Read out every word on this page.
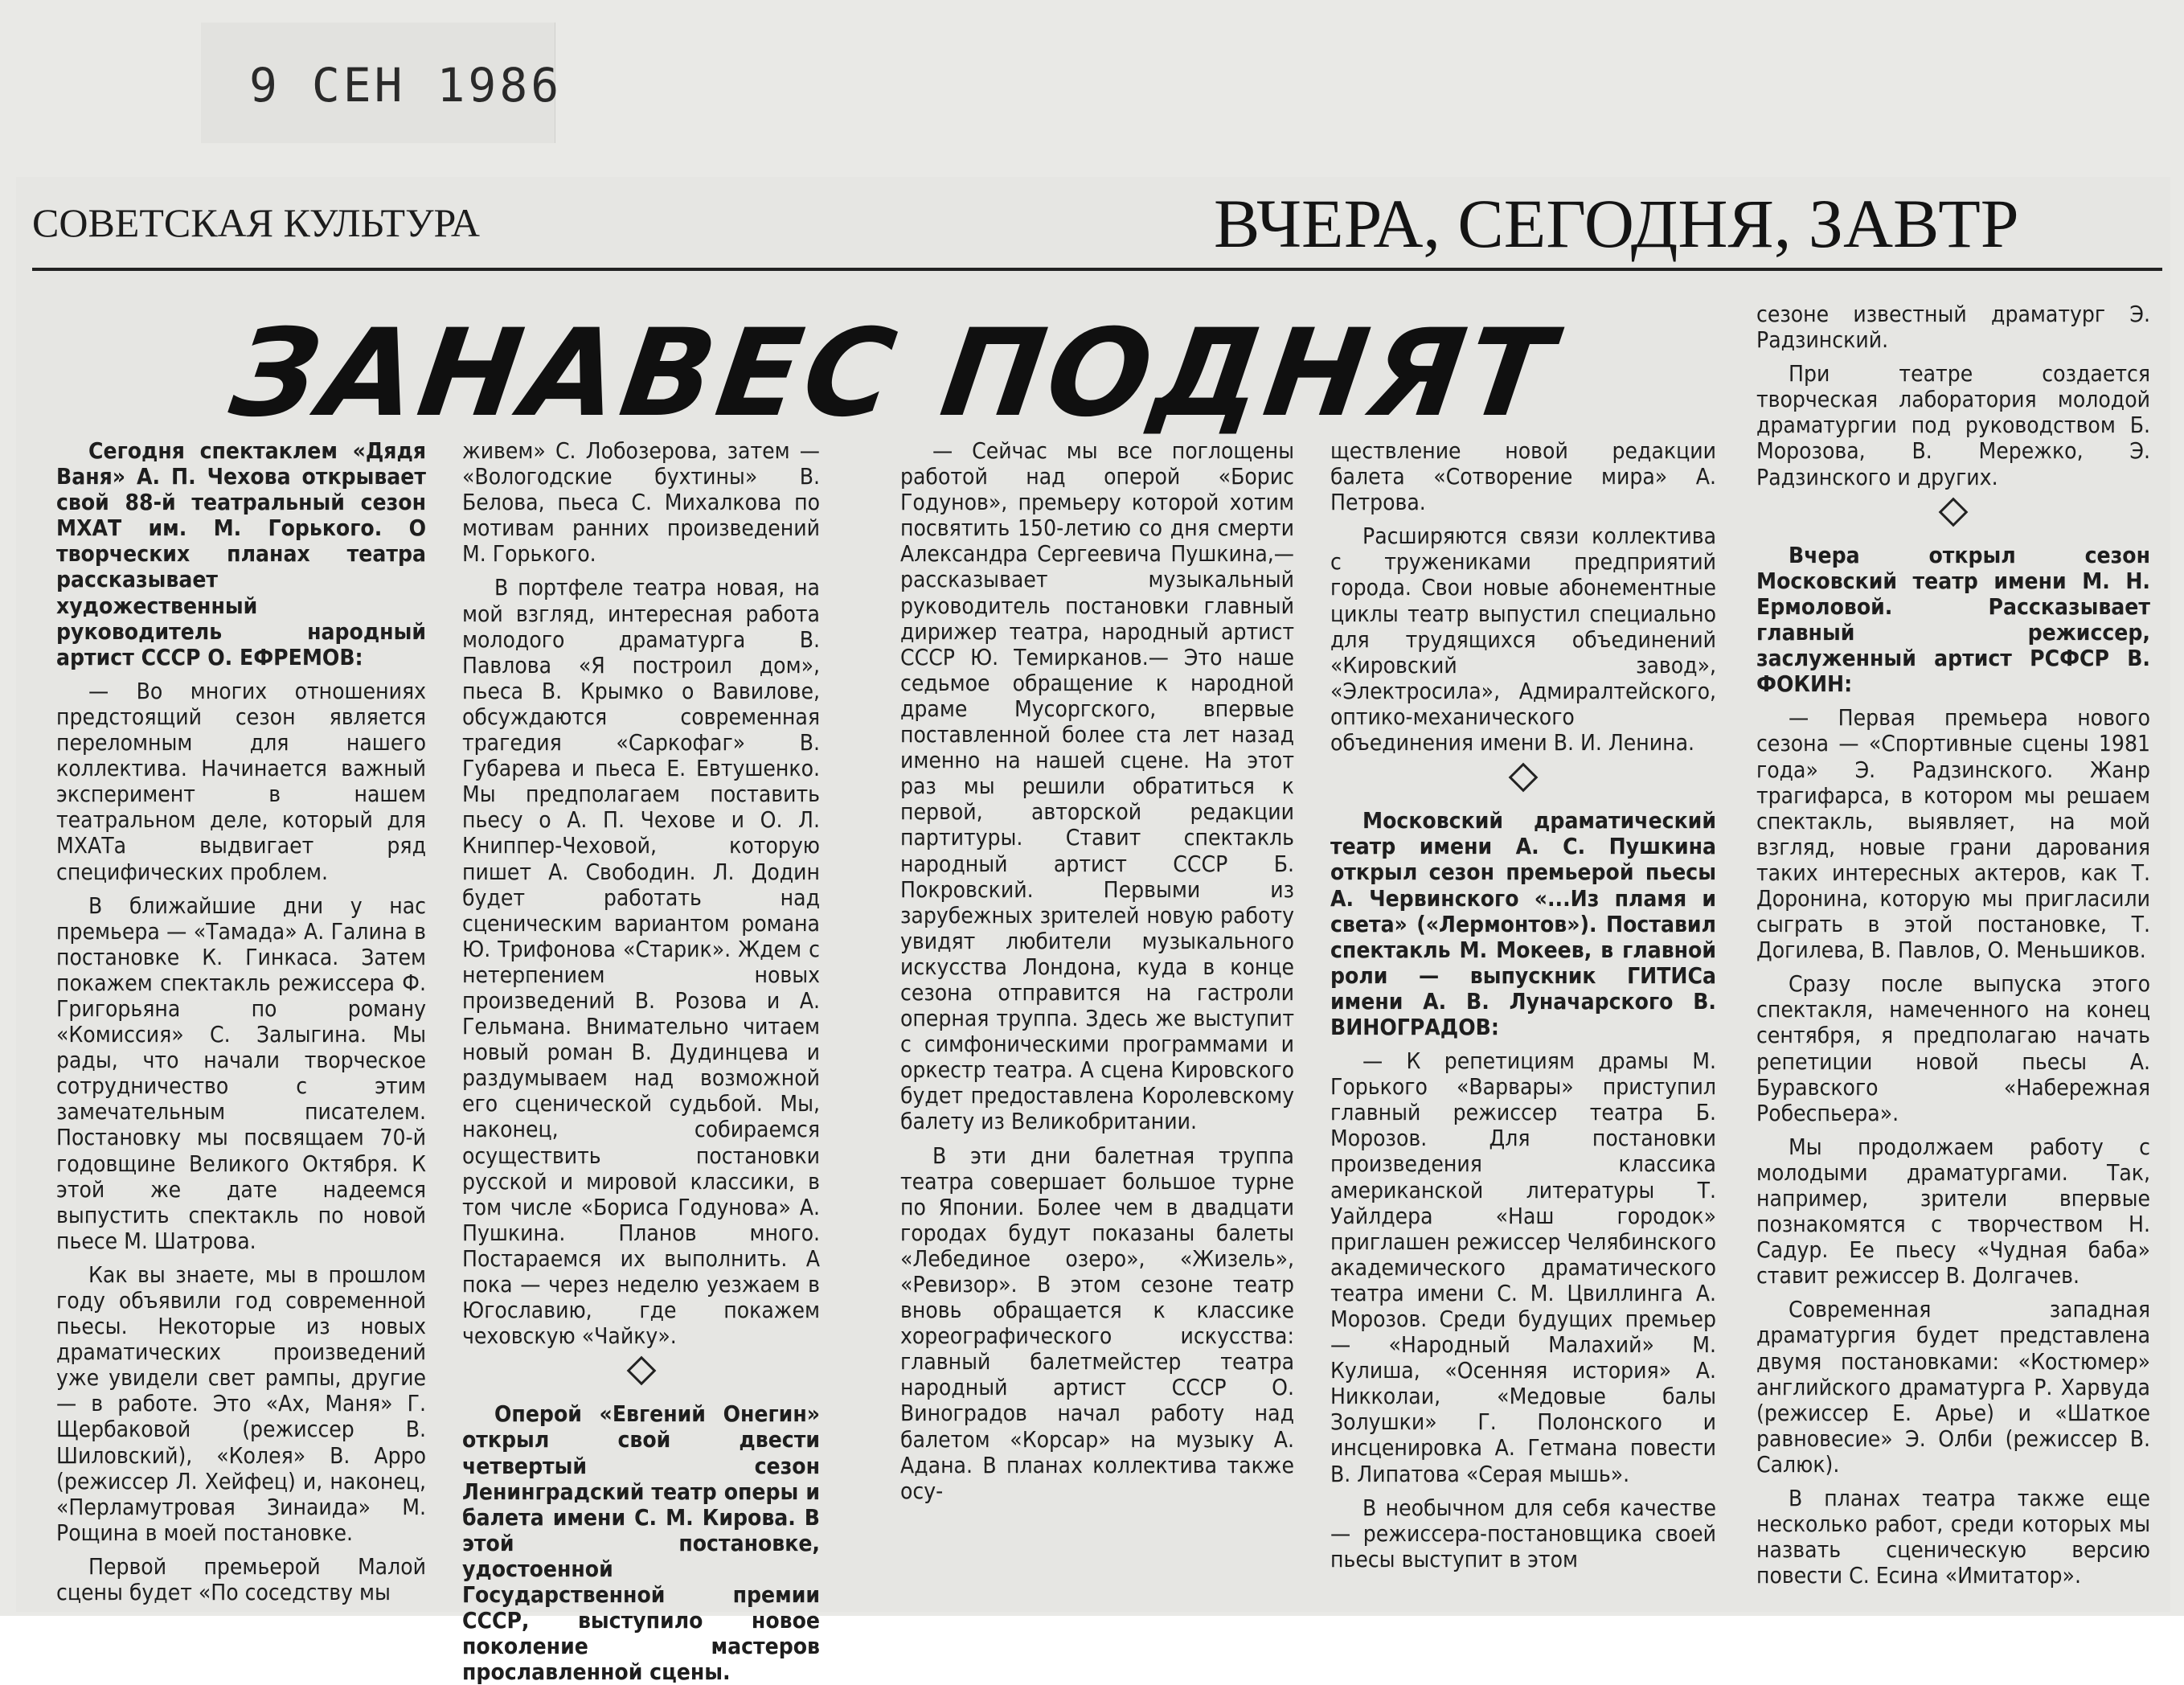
9 СЕН 1986
СОВЕТСКАЯ КУЛЬТУРА	ВЧЕРА, СЕГОДНЯ, ЗАВТР
ЗАНАВЕС ПОДНЯТ

Сегодня спектаклем «Дядя Ваня» А. П. Чехова открывает свой 88-й театральный сезон МХАТ им. М. Горького. О творческих планах театра рассказывает художественный руководитель народный артист СССР О. ЕФРЕМОВ:

— Во многих отношениях предстоящий сезон является переломным для нашего коллектива. Начинается важный эксперимент в нашем театральном деле, который для МХАТа выдвигает ряд специфических проблем.

В ближайшие дни у нас премьера — «Тамада» А. Галина в постановке К. Гинкаса. Затем покажем спектакль режиссера Ф. Григорьяна по роману «Комиссия» С. Залыгина. Мы рады, что начали творческое сотрудничество с этим замечательным писателем. Постановку мы посвящаем 70-й годовщине Великого Октября. К этой же дате надеемся выпустить спектакль по новой пьесе М. Шатрова.

Как вы знаете, мы в прошлом году объявили год современной пьесы. Некоторые из новых драматических произведений уже увидели свет рампы, другие — в работе. Это «Ах, Маня» Г. Щербаковой (режиссер В. Шиловский), «Колея» В. Арро (режиссер Л. Хейфец) и, наконец, «Перламутровая Зинаида» М. Рощина в моей постановке.

Первой премьерой Малой сцены будет «По соседству мы

живем» С. Лобозерова, затем — «Вологодские бухтины» В. Белова, пьеса С. Михалкова по мотивам ранних произведений М. Горького.

В портфеле театра новая, на мой взгляд, интересная работа молодого драматурга В. Павлова «Я построил дом», пьеса В. Крымко о Вавилове, обсуждаются современная трагедия «Саркофаг» В. Губарева и пьеса Е. Евтушенко. Мы предполагаем поставить пьесу о А. П. Чехове и О. Л. Книппер-Чеховой, которую пишет А. Свободин. Л. Додин будет работать над сценическим вариантом романа Ю. Трифонова «Старик». Ждем с нетерпением новых произведений В. Розова и А. Гельмана. Внимательно читаем новый роман В. Дудинцева и раздумываем над возможной его сценической судьбой. Мы, наконец, собираемся осуществить постановки русской и мировой классики, в том числе «Бориса Годунова» А. Пушкина. Планов много. Постараемся их выполнить. А пока — через неделю уезжаем в Югославию, где покажем чеховскую «Чайку».

Оперой «Евгений Онегин» открыл свой двести четвертый сезон Ленинградский театр оперы и балета имени С. М. Кирова. В этой постановке, удостоенной Государственной премии СССР, выступило новое поколение мастеров прославленной сцены.

— Сейчас мы все поглощены работой над оперой «Борис Годунов», премьеру которой хотим посвятить 150-летию со дня смерти Александра Сергеевича Пушкина,— рассказывает музыкальный руководитель постановки главный дирижер театра, народный артист СССР Ю. Темирканов.— Это наше седьмое обращение к народной драме Мусоргского, впервые поставленной более ста лет назад именно на нашей сцене. На этот раз мы решили обратиться к первой, авторской редакции партитуры. Ставит спектакль народный артист СССР Б. Покровский. Первыми из зарубежных зрителей новую работу увидят любители музыкального искусства Лондона, куда в конце сезона отправится на гастроли оперная труппа. Здесь же выступит с симфоническими программами и оркестр театра. А сцена Кировского будет предоставлена Королевскому балету из Великобритании.

В эти дни балетная труппа театра совершает большое турне по Японии. Более чем в двадцати городах будут показаны балеты «Лебединое озеро», «Жизель», «Ревизор». В этом сезоне театр вновь обращается к классике хореографического искусства: главный балетмейстер театра народный артист СССР О. Виноградов начал работу над балетом «Корсар» на музыку А. Адана. В планах коллектива также осу-

ществление новой редакции балета «Сотворение мира» А. Петрова.

Расширяются связи коллектива с тружениками предприятий города. Свои новые абонементные циклы театр выпустил специально для трудящихся объединений «Кировский завод», «Электросила», Адмиралтейского, оптико-механического объединения имени В. И. Ленина.

Московский драматический театр имени А. С. Пушкина открыл сезон премьерой пьесы А. Червинского «...Из пламя и света» («Лермонтов»). Поставил спектакль М. Мокеев, в главной роли — выпускник ГИТИСа имени А. В. Луначарского В. ВИНОГРАДОВ:

— К репетициям драмы М. Горького «Варвары» приступил главный режиссер театра Б. Морозов. Для постановки произведения классика американской литературы Т. Уайлдера «Наш городок» приглашен режиссер Челябинского академического драматического театра имени С. М. Цвиллинга А. Морозов. Среди будущих премьер — «Народный Малахий» М. Кулиша, «Осенняя история» А. Никколаи, «Медовые балы Золушки» Г. Полонского и инсценировка А. Гетмана повести В. Липатова «Серая мышь».

В необычном для себя качестве — режиссера-постановщика своей пьесы выступит в этом

сезоне известный драматург Э. Радзинский.

При театре создается творческая лаборатория молодой драматургии под руководством Б. Морозова, В. Мережко, Э. Радзинского и других.

Вчера открыл сезон Московский театр имени М. Н. Ермоловой. Рассказывает главный режиссер, заслуженный артист РСФСР В. ФОКИН:

— Первая премьера нового сезона — «Спортивные сцены 1981 года» Э. Радзинского. Жанр трагифарса, в котором мы решаем спектакль, выявляет, на мой взгляд, новые грани дарования таких интересных актеров, как Т. Доронина, которую мы пригласили сыграть в этой постановке, Т. Догилева, В. Павлов, О. Меньшиков.

Сразу после выпуска этого спектакля, намеченного на конец сентября, я предполагаю начать репетиции новой пьесы А. Буравского «Набережная Робеспьера».

Мы продолжаем работу с молодыми драматургами. Так, например, зрители впервые познакомятся с творчеством Н. Садур. Ее пьесу «Чудная баба» ставит режиссер В. Долгачев.

Современная западная драматургия будет представлена двумя постановками: «Костюмер» английского драматурга Р. Харвуда (режиссер Е. Арье) и «Шаткое равновесие» Э. Олби (режиссер В. Салюк).

В планах театра также еще несколько работ, среди которых мы назвать сценическую версию повести С. Есина «Имитатор».
